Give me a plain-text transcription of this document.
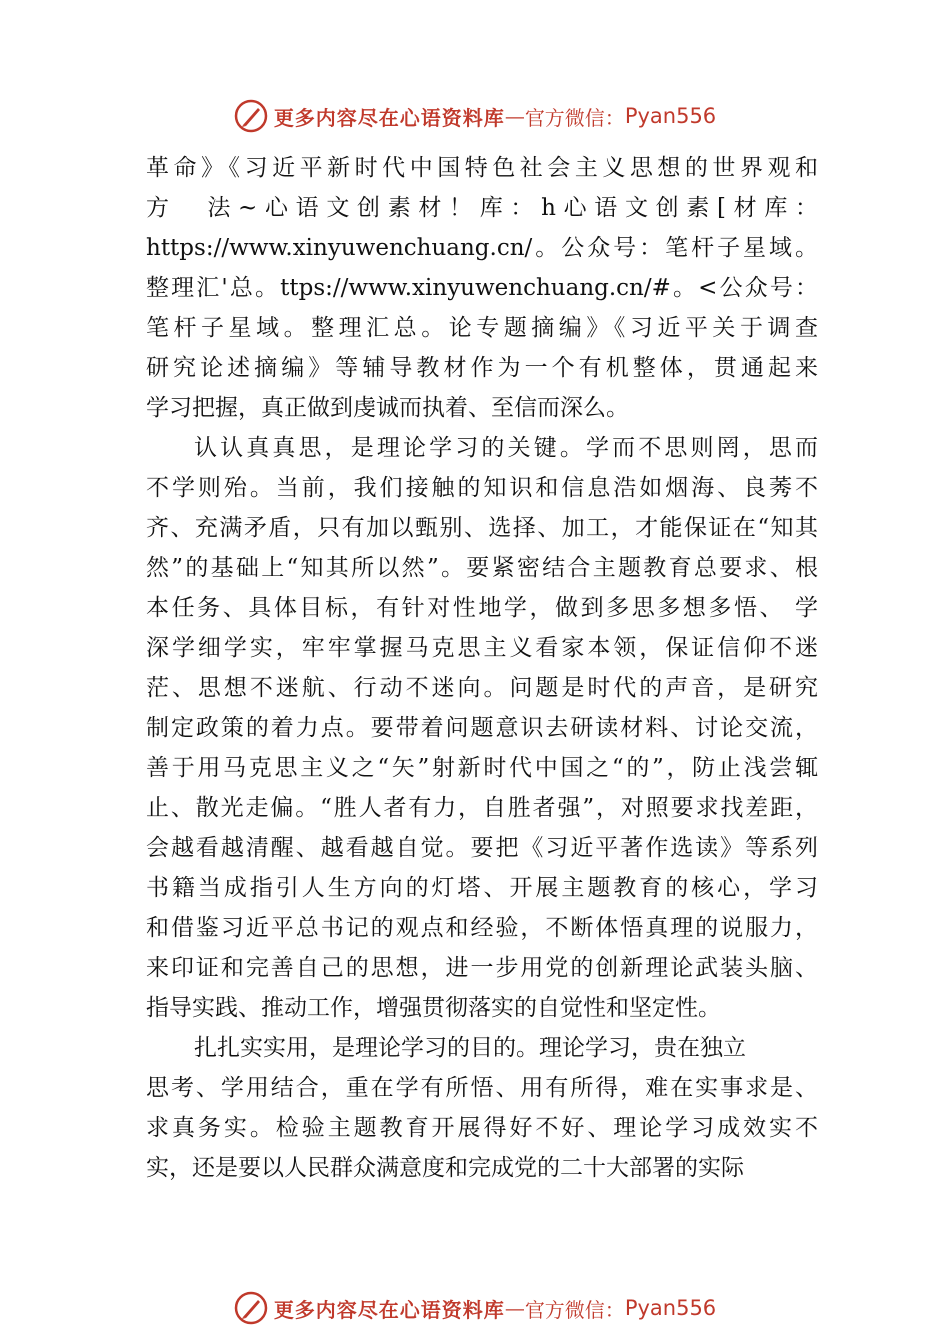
更多内容尽在心语资料库 — 官方微信： Pyan556
革命》《习近平新时代中国特色社会主义思想的世界观和
方　法~心语文创素材！库：h心语文创素[材库：
https://www.xinyuwenchuang.cn/。公众号：笔杆子星域。
整理汇'总。ttps://www.xinyuwenchuang.cn/#。<公众号：
笔杆子星域。整理汇总。论专题摘编》《习近平关于调查
研究论述摘编》等辅导教材作为一个有机整体，贯通起来
学习把握，真正做到虔诚而执着、至信而深么。
认认真真思，是理论学习的关键。学而不思则罔，思而
不学则殆。当前，我们接触的知识和信息浩如烟海、良莠不
齐、充满矛盾，只有加以甄别、选择、加工，才能保证在“知其
然”的基础上“知其所以然”。要紧密结合主题教育总要求、根
本任务、具体目标，有针对性地学，做到多思多想多悟、 学
深学细学实，牢牢掌握马克思主义看家本领，保证信仰不迷
茫、思想不迷航、行动不迷向。问题是时代的声音，是研究
制定政策的着力点。要带着问题意识去研读材料、讨论交流，
善于用马克思主义之“矢”射新时代中国之“的”，防止浅尝辄
止、散光走偏。“胜人者有力，自胜者强”，对照要求找差距，
会越看越清醒、越看越自觉。要把《习近平著作选读》等系列
书籍当成指引人生方向的灯塔、开展主题教育的核心，学习
和借鉴习近平总书记的观点和经验，不断体悟真理的说服力，
来印证和完善自己的思想，进一步用党的创新理论武装头脑、
指导实践、推动工作，增强贯彻落实的自觉性和坚定性。
扎扎实实用，是理论学习的目的。理论学习，贵在独立
思考、学用结合，重在学有所悟、用有所得，难在实事求是、
求真务实。检验主题教育开展得好不好、理论学习成效实不
实，还是要以人民群众满意度和完成党的二十大部署的实际
更多内容尽在心语资料库 — 官方微信： Pyan556
